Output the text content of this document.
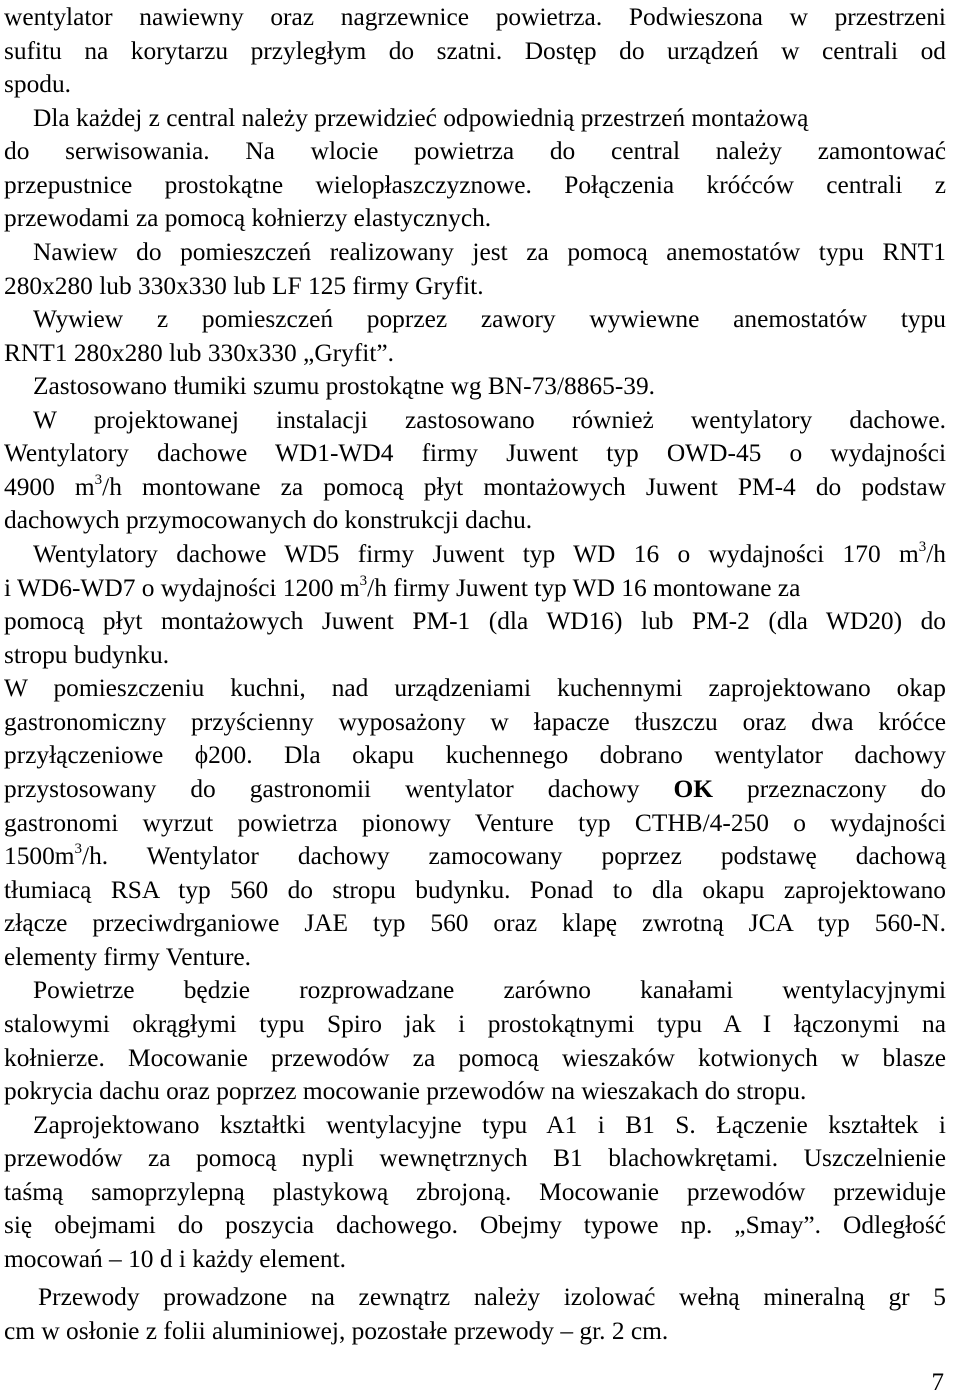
wentylator nawiewny oraz nagrzewnice powietrza. Podwieszona w przestrzeni
sufitu na korytarzu przyległym do szatni. Dostęp do urządzeń w centrali od
spodu.
Dla każdej z central należy przewidzieć odpowiednią przestrzeń montażową
do serwisowania. Na wlocie powietrza do central należy zamontować
przepustnice prostokątne wielopłaszczyznowe. Połączenia króćców centrali z
przewodami za pomocą kołnierzy elastycznych.
Nawiew do pomieszczeń realizowany jest za pomocą anemostatów typu RNT1
280x280 lub 330x330 lub LF 125 firmy Gryfit.
Wywiew z pomieszczeń poprzez zawory wywiewne anemostatów typu
RNT1 280x280 lub 330x330 „Gryfit”.
Zastosowano tłumiki szumu prostokątne wg BN-73/8865-39.
W projektowanej instalacji zastosowano również wentylatory dachowe.
Wentylatory dachowe WD1-WD4 firmy Juwent typ OWD-45 o wydajności
4900 $m^3/h$ montowane za pomocą płyt montażowych Juwent PM-4 do podstaw
dachowych przymocowanych do konstrukcji dachu.
Wentylatory dachowe WD5 firmy Juwent typ WD 16 o wydajności 170 $m^3/h$
i WD6-WD7 o wydajności 1200 $m^3/h$ firmy Juwent typ WD 16 montowane za
pomocą płyt montażowych Juwent PM-1 (dla WD16) lub PM-2 (dla WD20) do
stropu budynku.
W pomieszczeniu kuchni, nad urządzeniami kuchennymi zaprojektowano okap
gastronomiczny przyścienny wyposażony w łapacze tłuszczu oraz dwa króćce
przyłączeniowe ϕ200. Dla okapu kuchennego dobrano wentylator dachowy
przystosowany do gastronomii wentylator dachowy OK przeznaczony do
gastronomi wyrzut powietrza pionowy Venture typ CTHB/4-250 o wydajności
$1500m^3/h$. Wentylator dachowy zamocowany poprzez podstawę dachową
tłumiacą RSA typ 560 do stropu budynku. Ponad to dla okapu zaprojektowano
złącze przeciwdrganiowe JAE typ 560 oraz klapę zwrotną JCA typ 560-N.
elementy firmy Venture.
Powietrze będzie rozprowadzane zarówno kanałami wentylacyjnymi
stalowymi okrągłymi typu Spiro jak i prostokątnymi typu A I łączonymi na
kołnierze. Mocowanie przewodów za pomocą wieszaków kotwionych w blasze
pokrycia dachu oraz poprzez mocowanie przewodów na wieszakach do stropu.
Zaprojektowano kształtki wentylacyjne typu A1 i B1 S. Łączenie kształtek i
przewodów za pomocą nypli wewnętrznych B1 blachowkrętami. Uszczelnienie
taśmą samoprzylepną plastykową zbrojoną. Mocowanie przewodów przewiduje
się obejmami do poszycia dachowego. Obejmy typowe np. „Smay”. Odległość
mocowań – 10 d i każdy element.
Przewody prowadzone na zewnątrz należy izolować wełną mineralną gr 5
cm w osłonie z folii aluminiowej, pozostałe przewody – gr. 2 cm.
7
